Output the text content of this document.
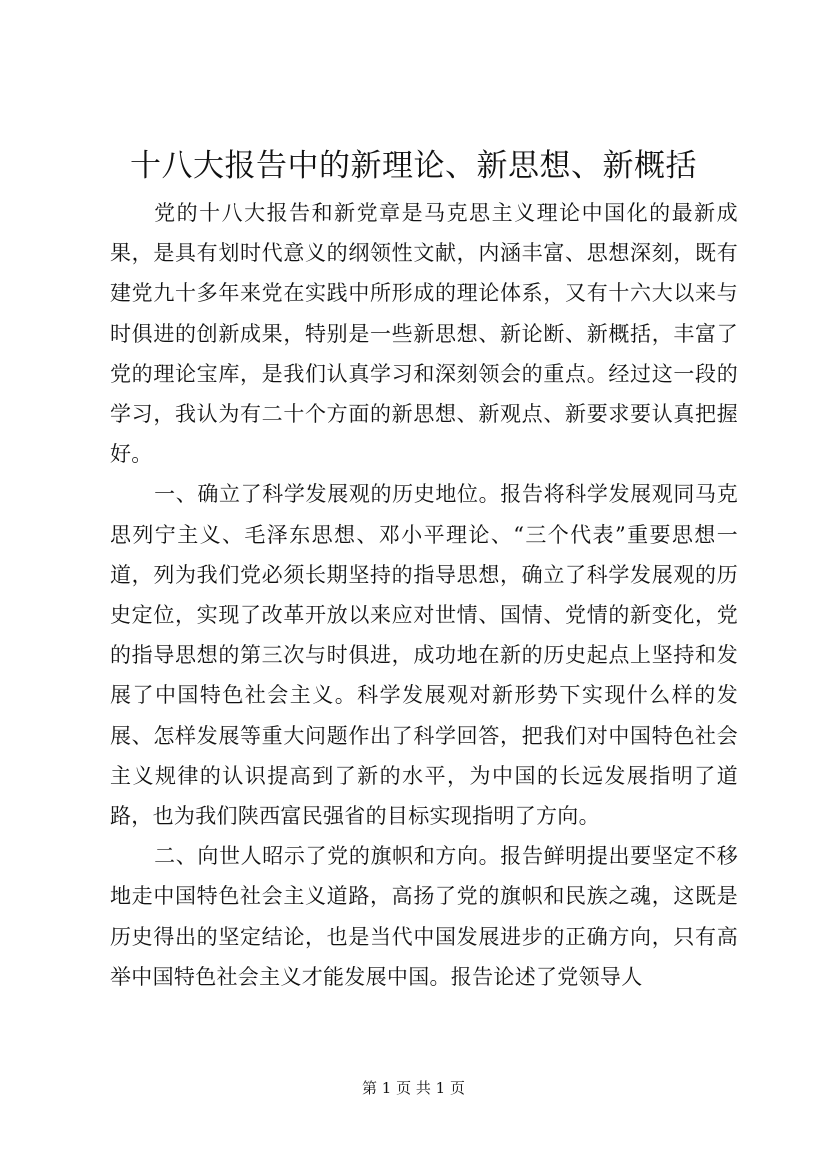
十八大报告中的新理论、新思想、新概括

党的十八大报告和新党章是马克思主义理论中国化的最新成果，是具有划时代意义的纲领性文献，内涵丰富、思想深刻，既有建党九十多年来党在实践中所形成的理论体系，又有十六大以来与时俱进的创新成果，特别是一些新思想、新论断、新概括，丰富了党的理论宝库，是我们认真学习和深刻领会的重点。经过这一段的学习，我认为有二十个方面的新思想、新观点、新要求要认真把握好。

一、确立了科学发展观的历史地位。报告将科学发展观同马克思列宁主义、毛泽东思想、邓小平理论、“三个代表”重要思想一道，列为我们党必须长期坚持的指导思想，确立了科学发展观的历史定位，实现了改革开放以来应对世情、国情、党情的新变化，党的指导思想的第三次与时俱进，成功地在新的历史起点上坚持和发展了中国特色社会主义。科学发展观对新形势下实现什么样的发展、怎样发展等重大问题作出了科学回答，把我们对中国特色社会主义规律的认识提高到了新的水平，为中国的长远发展指明了道路，也为我们陕西富民强省的目标实现指明了方向。

二、向世人昭示了党的旗帜和方向。报告鲜明提出要坚定不移地走中国特色社会主义道路，高扬了党的旗帜和民族之魂，这既是历史得出的坚定结论，也是当代中国发展进步的正确方向，只有高举中国特色社会主义才能发展中国。报告论述了党领导人

第 1 页 共 1 页
